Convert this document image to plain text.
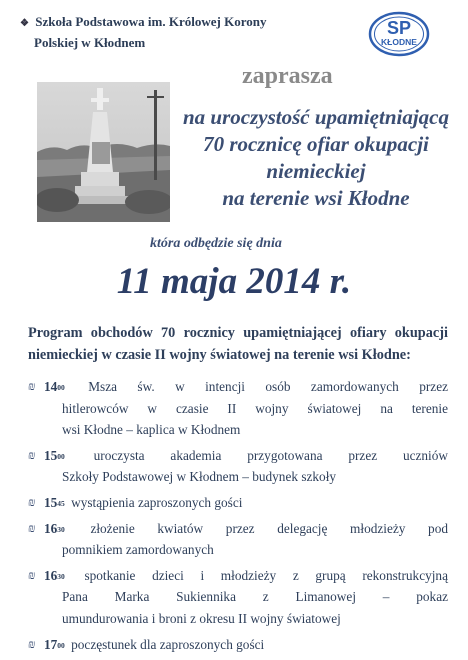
❖ Szkoła Podstawowa im. Królowej Korony
Polskiej w Kłodnem
SP
KŁODNE
zaprasza
na uroczystość upamiętniającą
70 rocznicę ofiar okupacji
niemieckiej
na terenie wsi Kłodne
która odbędzie się dnia
11 maja 2014 r.
Program obchodów 70 rocznicy upamiętniającej ofiary okupacji niemieckiej w czasie II wojny światowej na terenie wsi Kłodne:
₪ $14^{00}$ Msza św. w intencji osób zamordowanych przez
hitlerowców w czasie II wojny światowej na terenie
wsi Kłodne – kaplica w Kłodnem
₪ $15^{00}$ uroczysta akademia przygotowana przez uczniów
Szkoły Podstawowej w Kłodnem – budynek szkoły
₪ $15^{45}$ wystąpienia zaproszonych gości
₪ $16^{30}$ złożenie kwiatów przez delegację młodzieży pod
pomnikiem zamordowanych
₪ $16^{30}$ spotkanie dzieci i młodzieży z grupą rekonstrukcyjną
Pana Marka Sukiennika z Limanowej – pokaz
umundurowania i broni z okresu II wojny światowej
₪ $17^{00}$ poczęstunek dla zaproszonych gości
